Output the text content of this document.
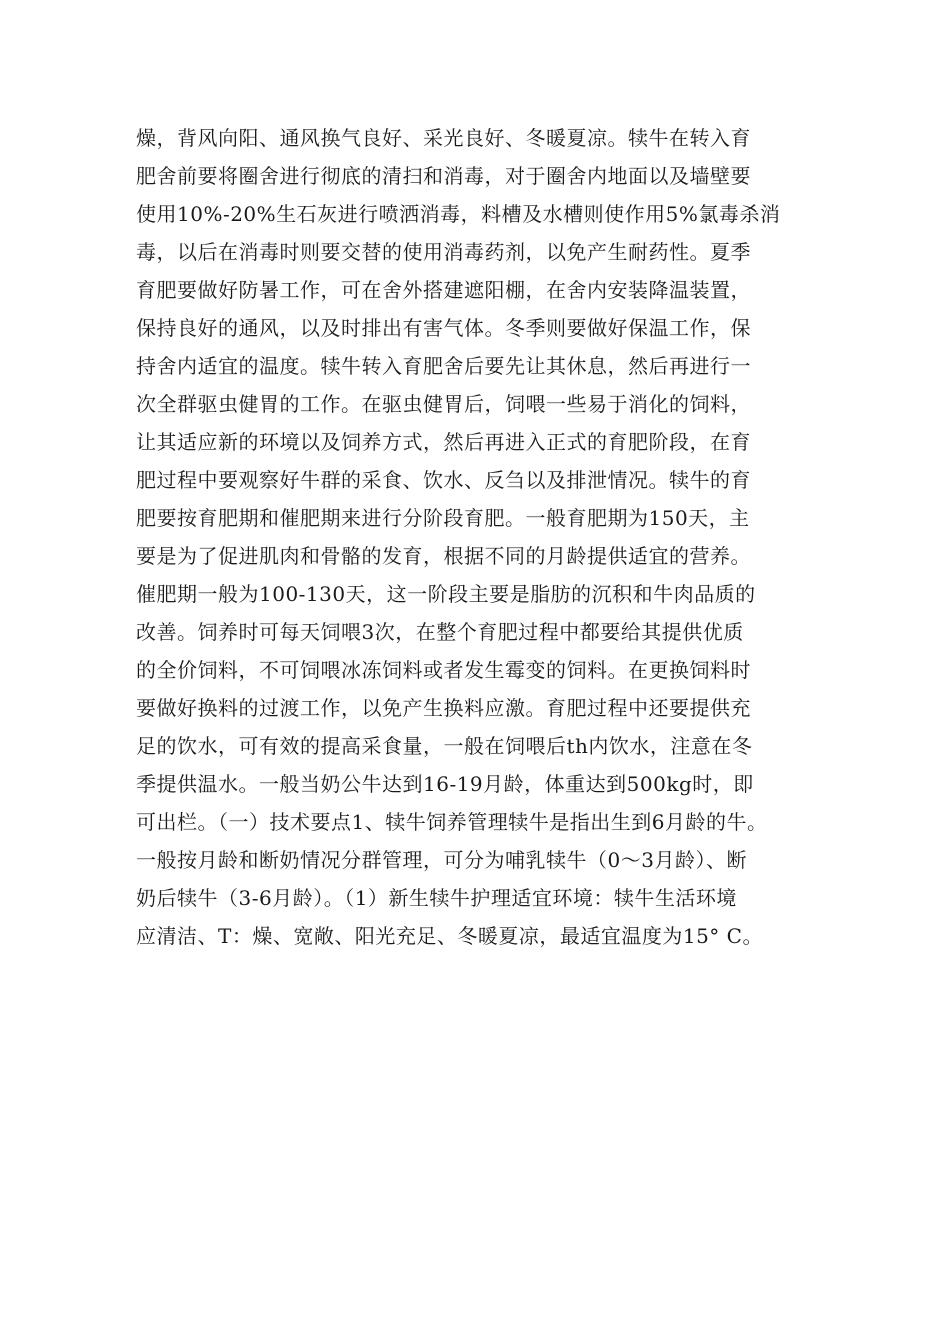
燥，背风向阳、通风换气良好、采光良好、冬暖夏凉。犊牛在转入育
肥舍前要将圈舍进行彻底的清扫和消毒，对于圈舍内地面以及墙壁要
使用10%-20%生石灰进行喷洒消毒，料槽及水槽则使作用5%氯毒杀消
毒，以后在消毒时则要交替的使用消毒药剂，以免产生耐药性。夏季
育肥要做好防暑工作，可在舍外搭建遮阳棚，在舍内安装降温装置，
保持良好的通风，以及时排出有害气体。冬季则要做好保温工作，保
持舍内适宜的温度。犊牛转入育肥舍后要先让其休息，然后再进行一
次全群驱虫健胃的工作。在驱虫健胃后，饲喂一些易于消化的饲料，
让其适应新的环境以及饲养方式，然后再进入正式的育肥阶段，在育
肥过程中要观察好牛群的采食、饮水、反刍以及排泄情况。犊牛的育
肥要按育肥期和催肥期来进行分阶段育肥。一般育肥期为150天，主
要是为了促进肌肉和骨骼的发育，根据不同的月龄提供适宜的营养。
催肥期一般为100-130天，这一阶段主要是脂肪的沉积和牛肉品质的
改善。饲养时可每天饲喂3次，在整个育肥过程中都要给其提供优质
的全价饲料，不可饲喂冰冻饲料或者发生霉变的饲料。在更换饲料时
要做好换料的过渡工作，以免产生换料应激。育肥过程中还要提供充
足的饮水，可有效的提高采食量，一般在饲喂后th内饮水，注意在冬
季提供温水。一般当奶公牛达到16-19月龄，体重达到500kg时，即
可出栏。（一）技术要点1、犊牛饲养管理犊牛是指出生到6月龄的牛。
一般按月龄和断奶情况分群管理，可分为哺乳犊牛（0〜3月龄）、断
奶后犊牛（3-6月龄）。（1）新生犊牛护理适宜环境：犊牛生活环境
应清洁、T：燥、宽敞、阳光充足、冬暖夏凉，最适宜温度为15° C。
